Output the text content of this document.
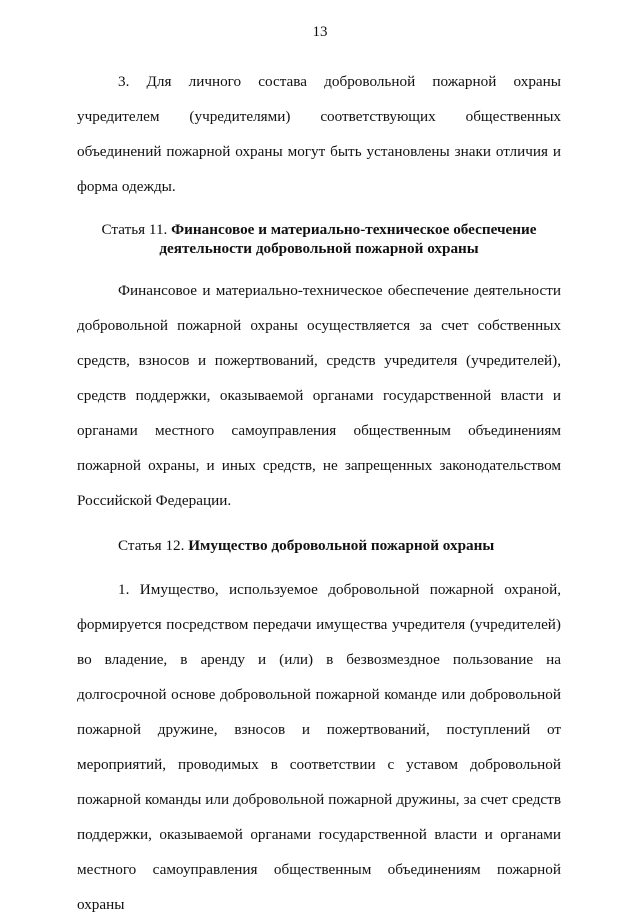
13

3. Для личного состава добровольной пожарной охраны учредителем (учредителями) соответствующих общественных объединений пожарной охраны могут быть установлены знаки отличия и форма одежды.

Статья 11. Финансовое и материально-техническое обеспечение
деятельности добровольной пожарной охраны

Финансовое и материально-техническое обеспечение деятельности добровольной пожарной охраны осуществляется за счет собственных средств, взносов и пожертвований, средств учредителя (учредителей), средств поддержки, оказываемой органами государственной власти и органами местного самоуправления общественным объединениям пожарной охраны, и иных средств, не запрещенных законодательством Российской Федерации.

Статья 12. Имущество добровольной пожарной охраны

1. Имущество, используемое добровольной пожарной охраной, формируется посредством передачи имущества учредителя (учредителей) во владение, в аренду и (или) в безвозмездное пользование на долгосрочной основе добровольной пожарной команде или добровольной пожарной дружине, взносов и пожертвований, поступлений от мероприятий, проводимых в соответствии с уставом добровольной пожарной команды или добровольной пожарной дружины, за счет средств поддержки, оказываемой органами государственной власти и органами местного самоуправления общественным объединениям пожарной охраны
